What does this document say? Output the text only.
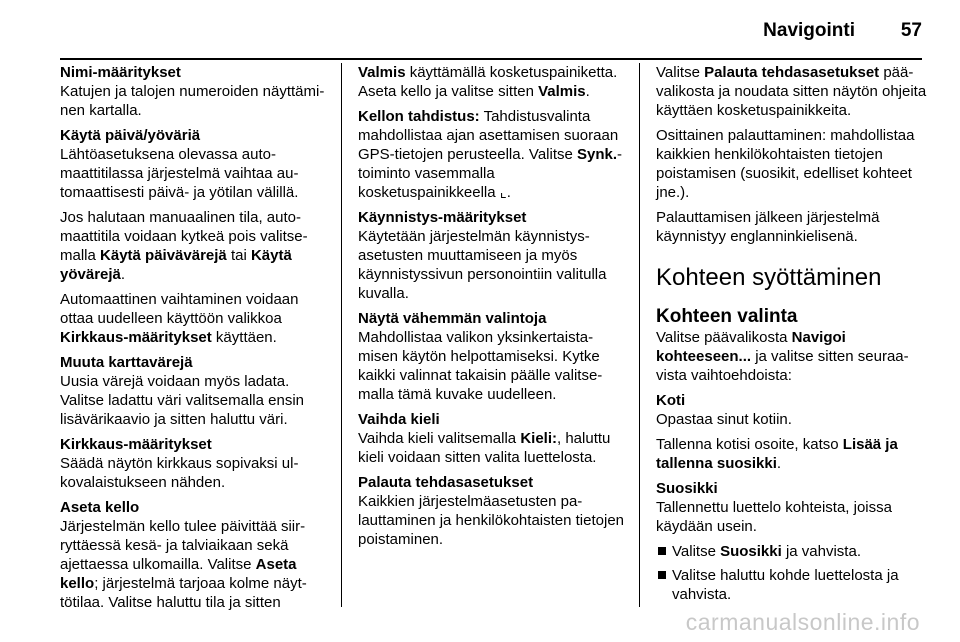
Navigointi 57
Nimi-määritykset

Katujen ja talojen numeroiden näyttäminen kartalla.

Käytä päivä/yöväriä

Lähtöasetuksena olevassa automaattitilassa järjestelmä vaihtaa automaattisesti päivä- ja yötilan välillä.

Jos halutaan manuaalinen tila, automaattitila voidaan kytkeä pois valitsemalla Käytä päivävärejä tai Käytä yövärejä.

Automaattinen vaihtaminen voidaan ottaa uudelleen käyttöön valikkoa Kirkkaus-määritykset käyttäen.

Muuta karttavärejä

Uusia värejä voidaan myös ladata. Valitse ladattu väri valitsemalla ensin lisävärikaavio ja sitten haluttu väri.

Kirkkaus-määritykset

Säädä näytön kirkkaus sopivaksi ulkovalaistukseen nähden.

Aseta kello

Järjestelmän kello tulee päivittää siirryttäessä kesä- ja talviaikaan sekä ajettaessa ulkomailla. Valitse Aseta kello; järjestelmä tarjoaa kolme näyttötilaa. Valitse haluttu tila ja sitten

Valmis käyttämällä kosketuspainiketta. Aseta kello ja valitse sitten Valmis.

Kellon tahdistus: Tahdistusvalinta mahdollistaa ajan asettamisen suoraan GPS-tietojen perusteella. Valitse Synk.-toiminto vasemmalla kosketuspainikkeella ⌞.

Käynnistys-määritykset

Käytetään järjestelmän käynnistysasetusten muuttamiseen ja myös käynnistyssivun personointiin valitulla kuvalla.

Näytä vähemmän valintoja

Mahdollistaa valikon yksinkertaistamisen käytön helpottamiseksi. Kytke kaikki valinnat takaisin päälle valitsemalla tämä kuvake uudelleen.

Vaihda kieli

Vaihda kieli valitsemalla Kieli:, haluttu kieli voidaan sitten valita luettelosta.

Palauta tehdasasetukset

Kaikkien järjestelmäasetusten palauttaminen ja henkilökohtaisten tietojen poistaminen.

Valitse Palauta tehdasasetukset päävalikosta ja noudata sitten näytön ohjeita käyttäen kosketuspainikkeita.

Osittainen palauttaminen: mahdollistaa kaikkien henkilökohtaisten tietojen poistamisen (suosikit, edelliset kohteet jne.).

Palauttamisen jälkeen järjestelmä käynnistyy englanninkielisenä.

Kohteen syöttäminen
Kohteen valinta

Valitse päävalikosta Navigoi kohteeseen... ja valitse sitten seuraavista vaihtoehdoista:

Koti

Opastaa sinut kotiin.

Tallenna kotisi osoite, katso Lisää ja tallenna suosikki.

Suosikki

Tallennettu luettelo kohteista, joissa käydään usein.

Valitse Suosikki ja vahvista.
Valitse haluttu kohde luettelosta ja vahvista.
carmanualsonline.info
